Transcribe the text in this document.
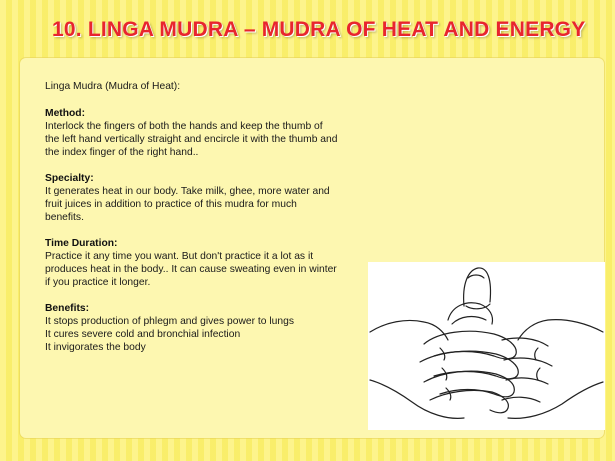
10. LINGA MUDRA – MUDRA OF HEAT AND ENERGY

Linga Mudra (Mudra of Heat):

Method:

Interlock the fingers of both the hands and keep the thumb of

the left hand vertically straight and encircle it with the thumb and

the index finger of the right hand..

Specialty:

It generates heat in our body. Take milk, ghee, more water and

fruit juices in addition to practice of this mudra for much

benefits.

Time Duration:

Practice it any time you want. But don't practice it a lot as it

produces heat in the body.. It can cause sweating even in winter

if you practice it longer.

Benefits:

It stops production of phlegm and gives power to lungs

It cures severe cold and bronchial infection

It invigorates the body
